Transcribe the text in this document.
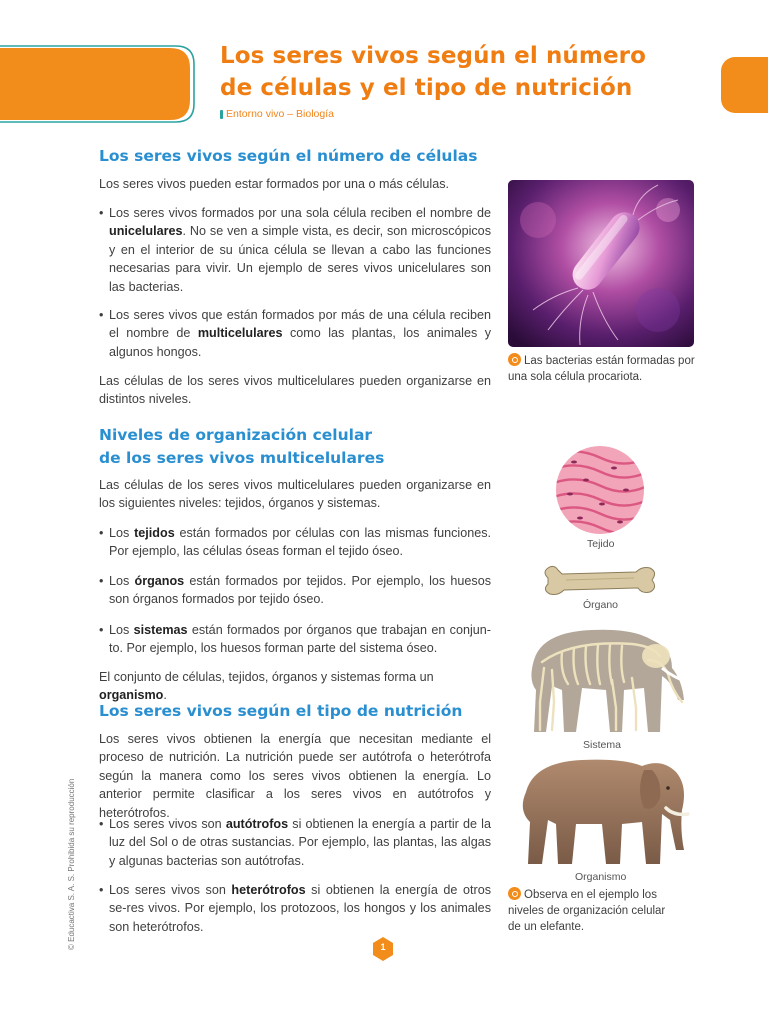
Los seres vivos según el número
de células y el tipo de nutrición
Entorno vivo – Biología
Los seres vivos según el número de células
Los seres vivos pueden estar formados por una o más células.
• Los seres vivos formados por una sola célula reciben el nombre de unicelulares. No se ven a simple vista, es decir, son microscópicos y en el interior de su única célula se llevan a cabo las funciones necesarias para vivir. Un ejemplo de seres vivos unicelulares son las bacterias.
• Los seres vivos que están formados por más de una célula reciben el nombre de multicelulares como las plantas, los animales y algunos hongos.
Las células de los seres vivos multicelulares pueden organizarse en distintos niveles.
Las bacterias están formadas por una sola célula procariota.
Niveles de organización celular
de los seres vivos multicelulares
Las células de los seres vivos multicelulares pueden organizarse en los siguientes niveles: tejidos, órganos y sistemas.
• Los tejidos están formados por células con las mismas funciones. Por ejemplo, las células óseas forman el tejido óseo.
• Los órganos están formados por tejidos. Por ejemplo, los huesos son órganos formados por tejido óseo.
• Los sistemas están formados por órganos que trabajan en conjun-to. Por ejemplo, los huesos forman parte del sistema óseo.
El conjunto de células, tejidos, órganos y sistemas forma un organismo.
Tejido
Órgano
Sistema
Organismo
Observa en el ejemplo los niveles de organización celular de un elefante.
Los seres vivos según el tipo de nutrición
Los seres vivos obtienen la energía que necesitan mediante el proceso de nutrición. La nutrición puede ser autótrofa o heterótrofa según la manera como los seres vivos obtienen la energía. Lo anterior permite clasificar a los seres vivos en autótrofos y heterótrofos.
• Los seres vivos son autótrofos si obtienen la energía a partir de la luz del Sol o de otras sustancias. Por ejemplo, las plantas, las algas y algunas bacterias son autótrofas.
• Los seres vivos son heterótrofos si obtienen la energía de otros se-res vivos. Por ejemplo, los protozoos, los hongos y los animales son heterótrofos.
© Educactiva S. A. S. Prohibida su reproducción	1
